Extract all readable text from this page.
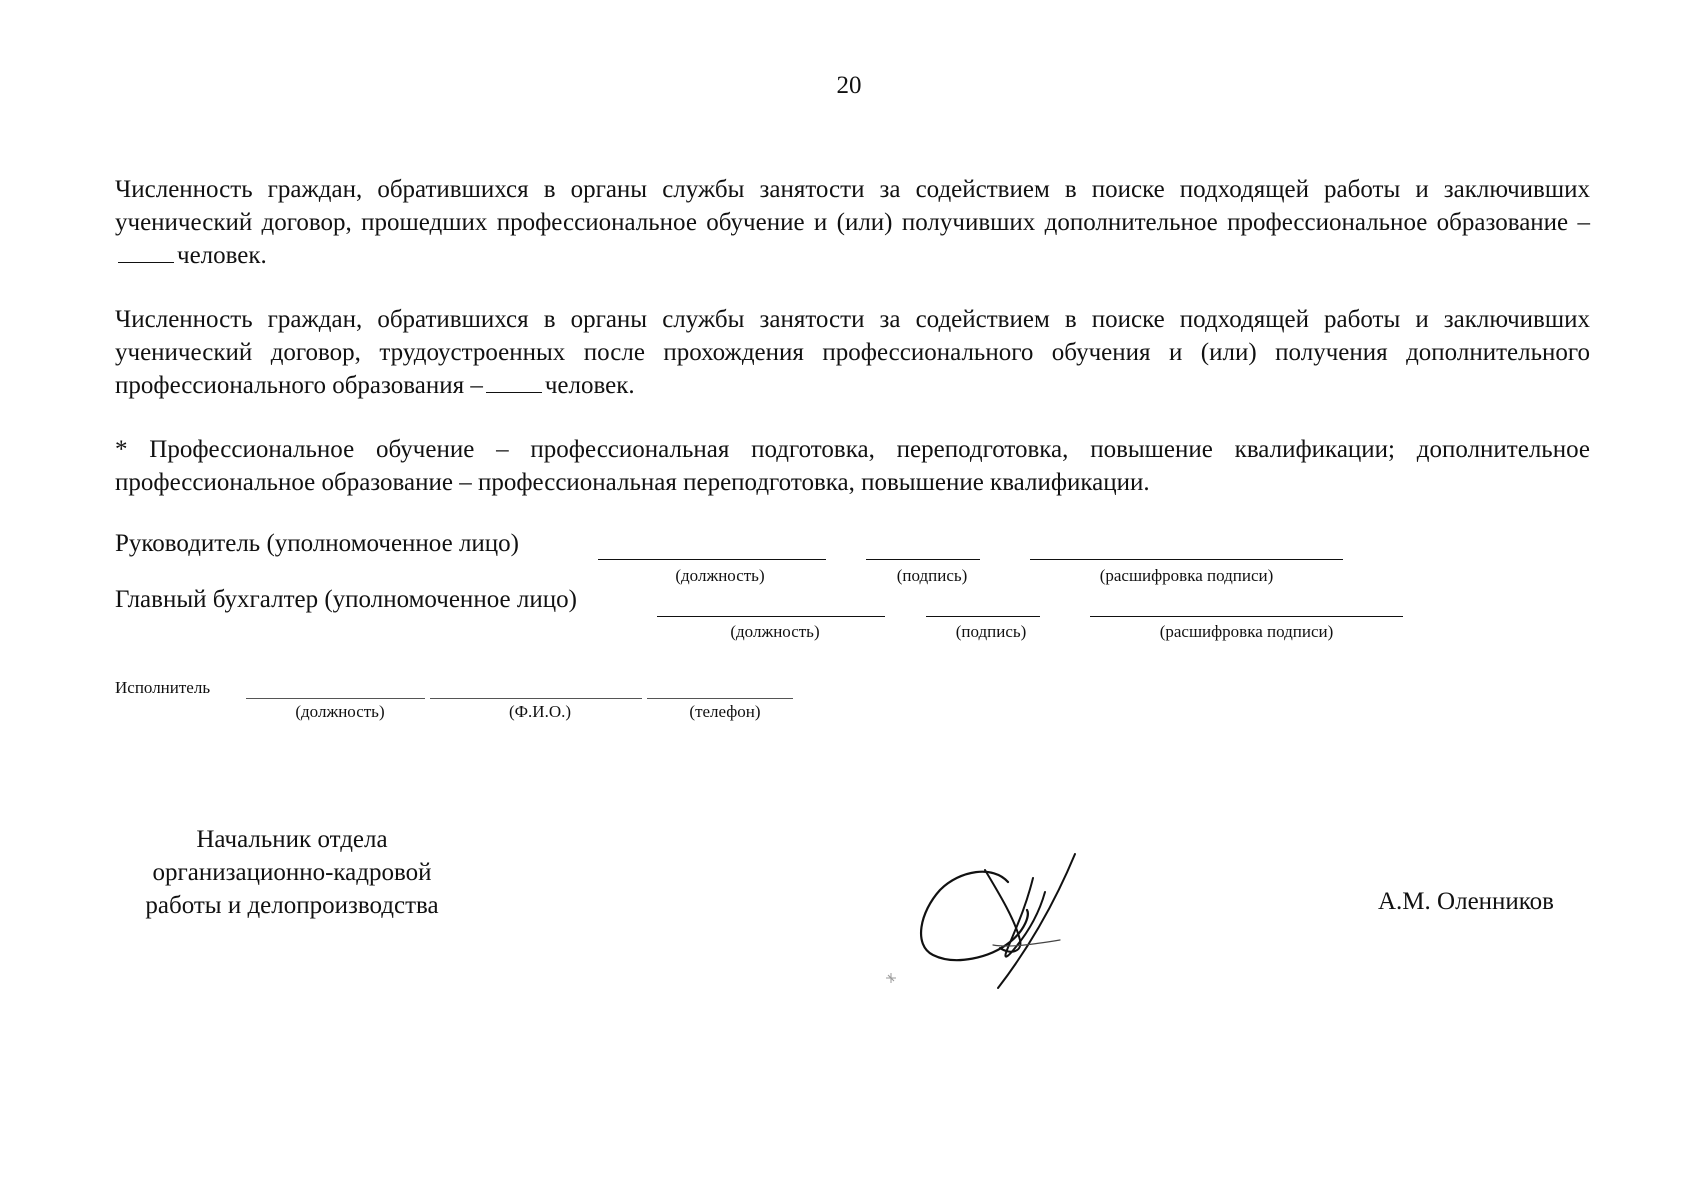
20
Численность граждан, обратившихся в органы службы занятости за содействием в поиске подходящей работы и заключивших ученический договор, прошедших профессиональное обучение и (или) получивших дополнительное профессиональное образование –человек.
Численность граждан, обратившихся в органы службы занятости за содействием в поиске подходящей работы и заключивших ученический договор, трудоустроенных после прохождения профессионального обучения и (или) получения дополнительного профессионального образования – человек.
* Профессиональное обучение – профессиональная подготовка, переподготовка, повышение квалификации; дополнительное профессиональное образование – профессиональная переподготовка, повышение квалификации.
Руководитель (уполномоченное лицо)
(должность)	(подпись)	(расшифровка подписи)
Главный бухгалтер (уполномоченное лицо)
(должность)	(подпись)	(расшифровка подписи)
Исполнитель
(должность)	(Ф.И.О.)	(телефон)
Начальник отдела
организационно-кадровой
работы и делопроизводства	А.М. Оленников
